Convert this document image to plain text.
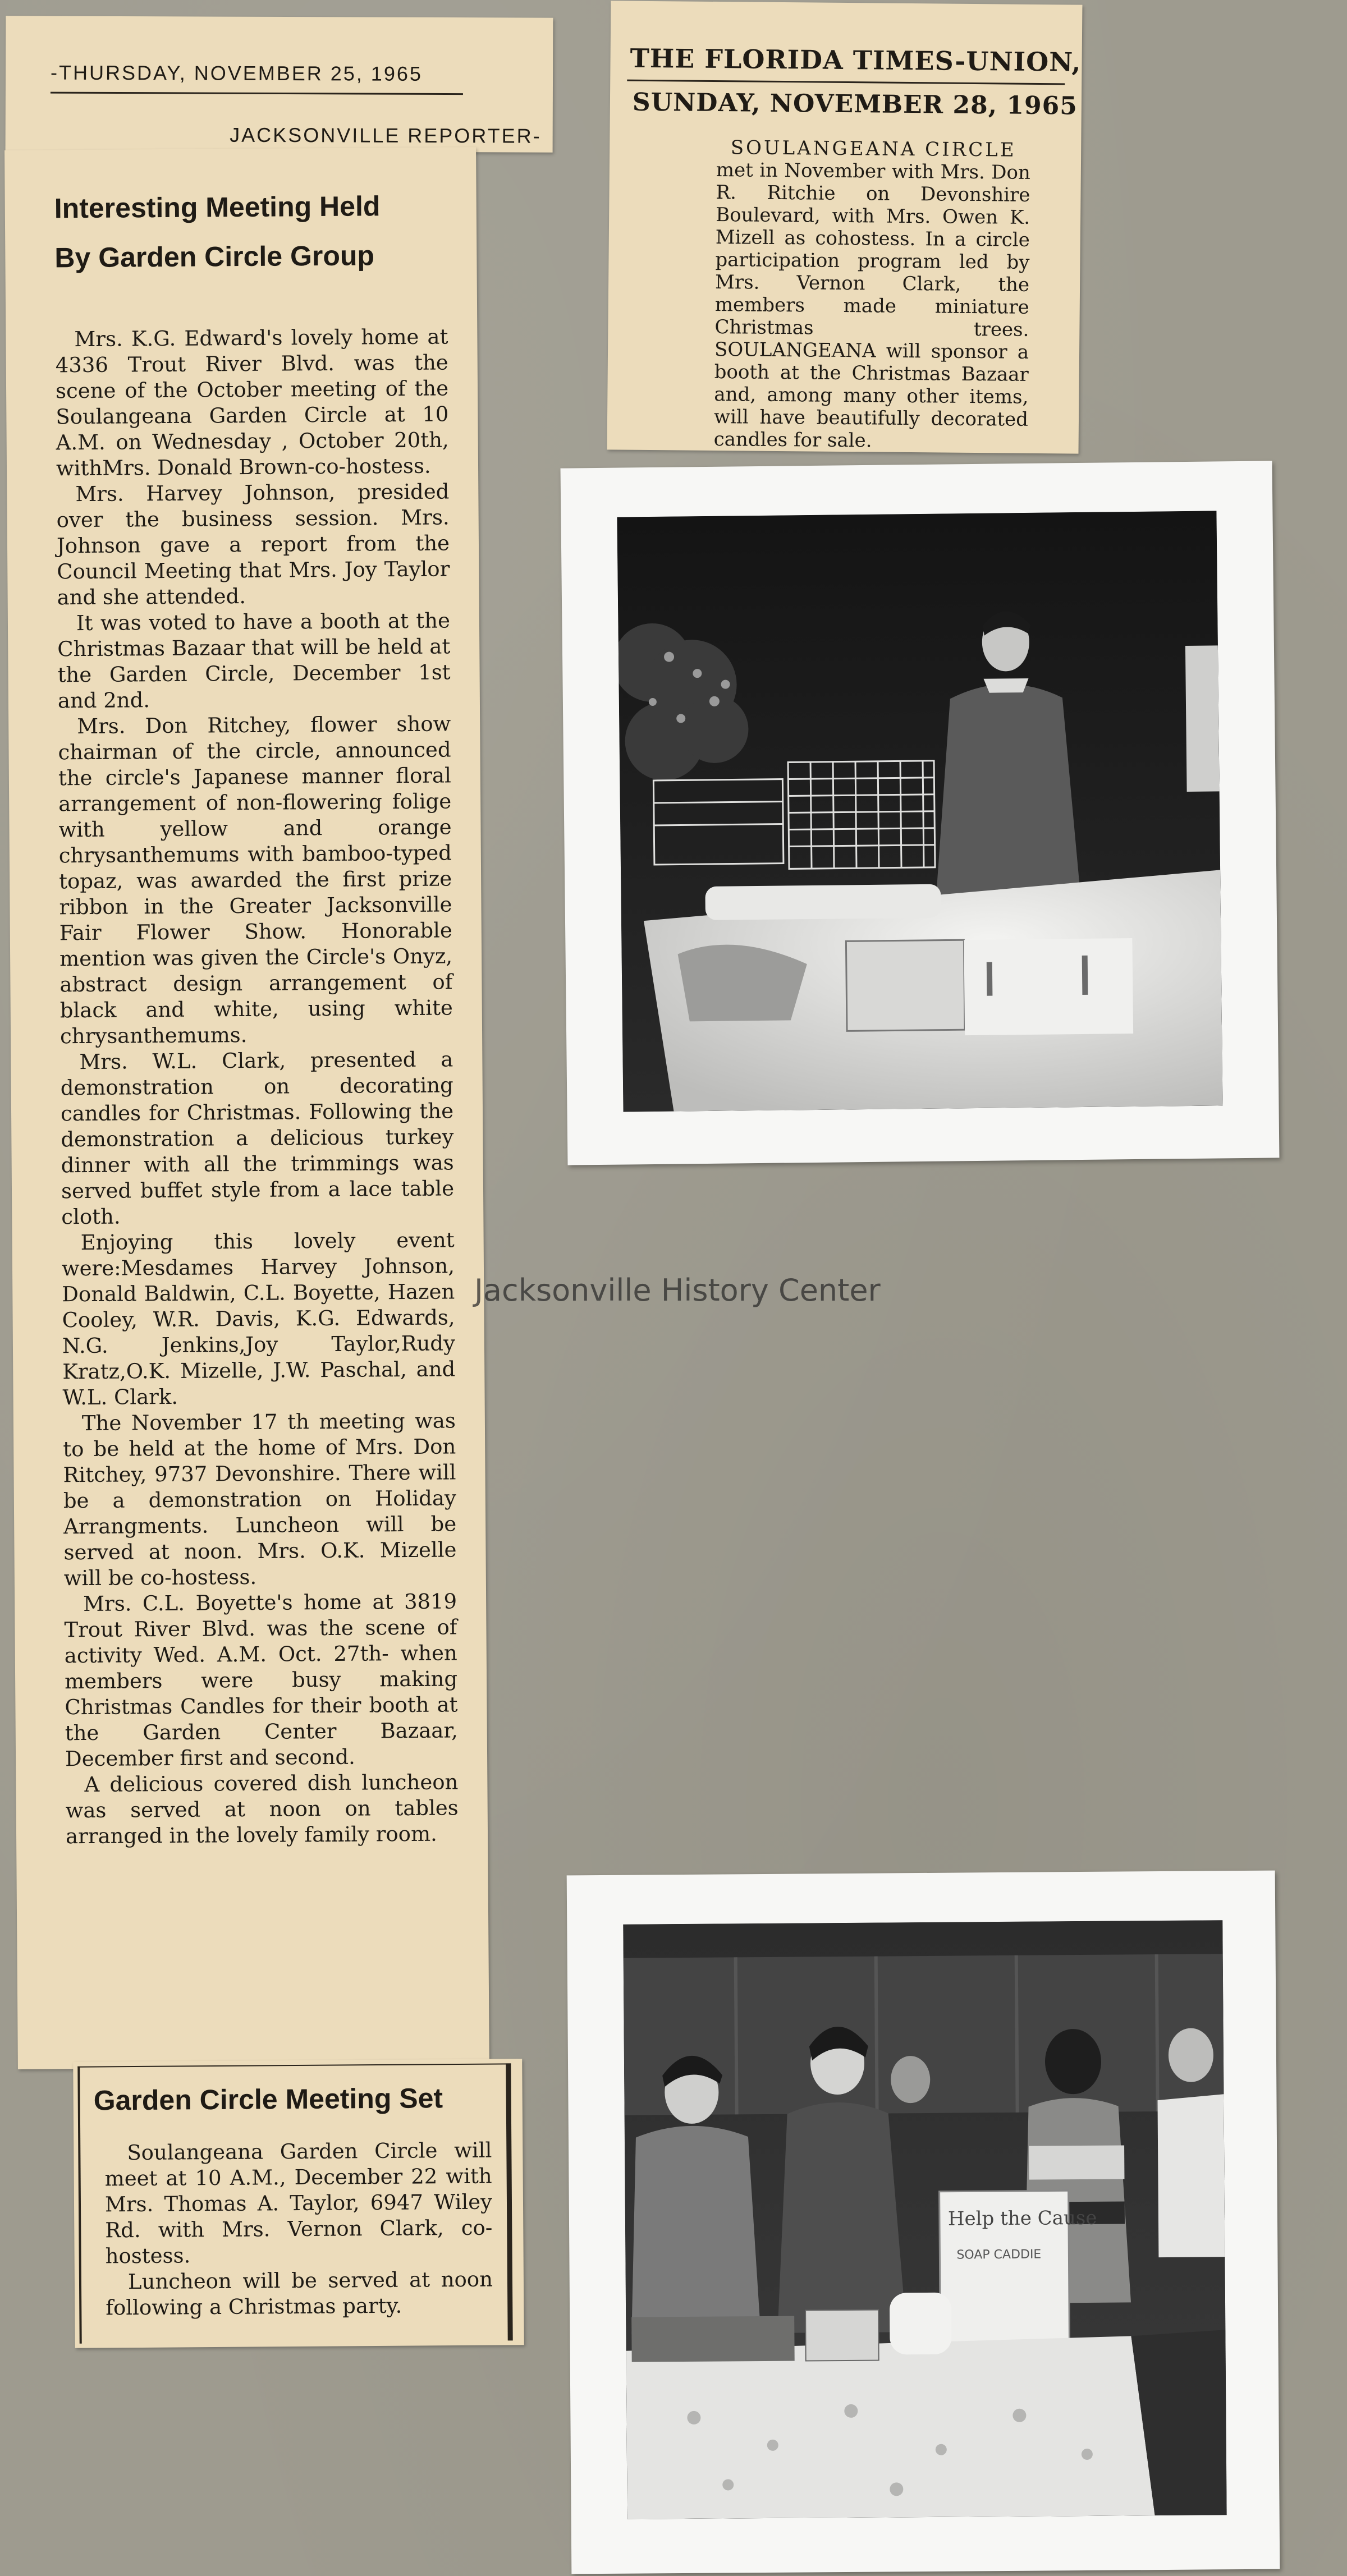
-THURSDAY, NOVEMBER 25, 1965
JACKSONVILLE REPORTER-
Interesting Meeting Held
By Garden Circle Group

Mrs. K.G. Edward's lovely home at 4336 Trout River Blvd. was the scene of the October meeting of the Soulangeana Garden Circle at 10 A.M. on Wednesday , October 20th, withMrs. Donald Brown-co-hostess.

Mrs. Harvey Johnson, presided over the business session. Mrs. Johnson gave a report from the Council Meeting that Mrs. Joy Taylor and she attended.

It was voted to have a booth at the Christmas Bazaar that will be held at the Garden Circle, December 1st and 2nd.

Mrs. Don Ritchey, flower show chairman of the circle, announced the circle's Japanese manner floral arrangement of non-flowering folige with yellow and orange chrysanthemums with bamboo-typed topaz, was awarded the first prize ribbon in the Greater Jacksonville Fair Flower Show. Honorable mention was given the Circle's Onyz, abstract design arrangement of black and white, using white chrysanthemums.

Mrs. W.L. Clark, presented a demonstration on decorating candles for Christmas. Following the demonstration a delicious turkey dinner with all the trimmings was served buffet style from a lace table cloth.

Enjoying this lovely event were:Mesdames Harvey Johnson, Donald Baldwin, C.L. Boyette, Hazen Cooley, W.R. Davis, K.G. Edwards, N.G. Jenkins,Joy Taylor,Rudy Kratz,O.K. Mizelle, J.W. Paschal, and W.L. Clark.

The November 17 th meeting was to be held at the home of Mrs. Don Ritchey, 9737 Devonshire. There will be a demonstration on Holiday Arrangments. Luncheon will be served at noon. Mrs. O.K. Mizelle will be co-hostess.

Mrs. C.L. Boyette's home at 3819 Trout River Blvd. was the scene of activity Wed. A.M. Oct. 27th- when members were busy making Christmas Candles for their booth at the Garden Center Bazaar, December first and second.

A delicious covered dish luncheon was served at noon on tables arranged in the lovely family room.

Garden Circle Meeting Set

Soulangeana Garden Circle will meet at 10 A.M., December 22 with Mrs. Thomas A. Taylor, 6947 Wiley Rd. with Mrs. Vernon Clark, co-hostess.

Luncheon will be served at noon following a Christmas party.

THE FLORIDA TIMES-UNION,
SUNDAY, NOVEMBER 28, 1965
SOULANGEANA CIRCLE
met in November with Mrs. Don R. Ritchie on Devonshire Boulevard, with Mrs. Owen K. Mizell as cohostess. In a circle participation program led by Mrs. Vernon Clark, the members made miniature Christmas trees. SOULANGEANA will sponsor a booth at the Christmas Bazaar and, among many other items, will have beautifully decorated candles for sale.
Help the Cause
SOAP CADDIE
Jacksonville History Center
